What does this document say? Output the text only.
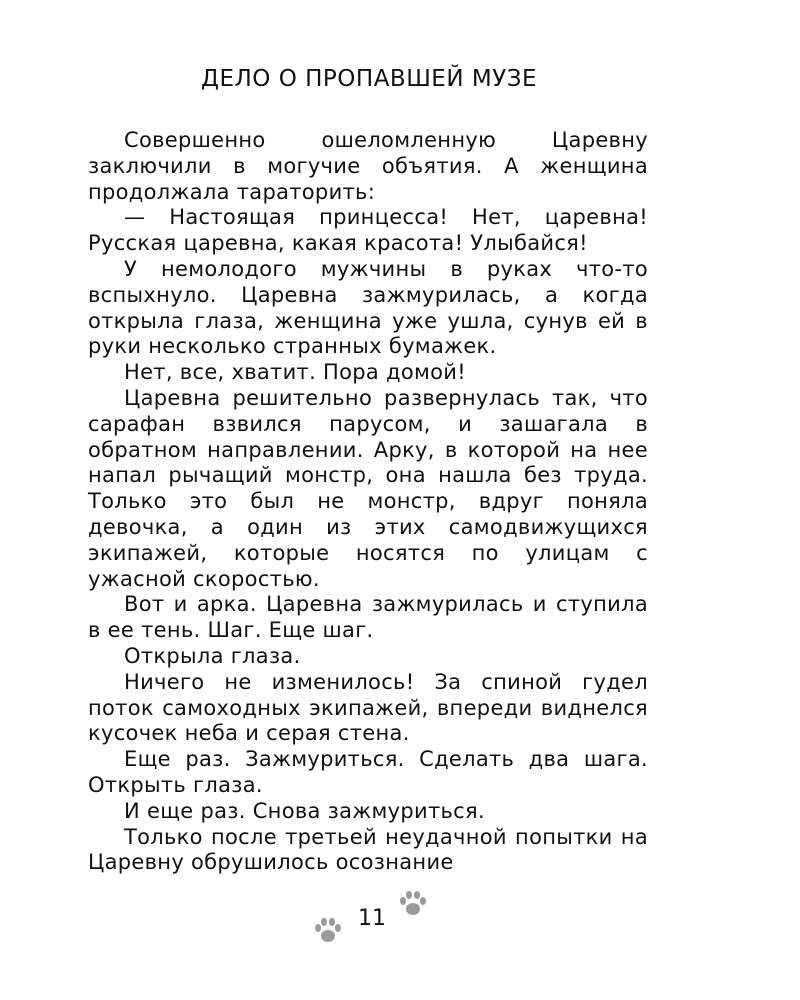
ДЕЛО О ПРОПАВШЕЙ МУЗЕ

Совершенно ошеломленную Царевну заключили в могучие объятия. А женщина продолжала тараторить:

— Настоящая принцесса! Нет, царевна! Русская царевна, какая красота! Улыбайся!

У немолодого мужчины в руках что-то вспыхнуло. Царевна зажмурилась, а когда открыла глаза, женщина уже ушла, сунув ей в руки несколько странных бумажек.

Нет, все, хватит. Пора домой!

Царевна решительно развернулась так, что сарафан взвился парусом, и зашагала в обратном направлении. Арку, в которой на нее напал рычащий монстр, она нашла без труда. Только это был не монстр, вдруг поняла девочка, а один из этих самодвижущихся экипажей, которые носятся по улицам с ужасной скоростью.

Вот и арка. Царевна зажмурилась и ступила в ее тень. Шаг. Еще шаг.

Открыла глаза.

Ничего не изменилось! За спиной гудел поток самоходных экипажей, впереди виднелся кусочек неба и серая стена.

Еще раз. Зажмуриться. Сделать два шага. Открыть глаза.

И еще раз. Снова зажмуриться.

Только после третьей неудачной попытки на Царевну обрушилось осознание

11
